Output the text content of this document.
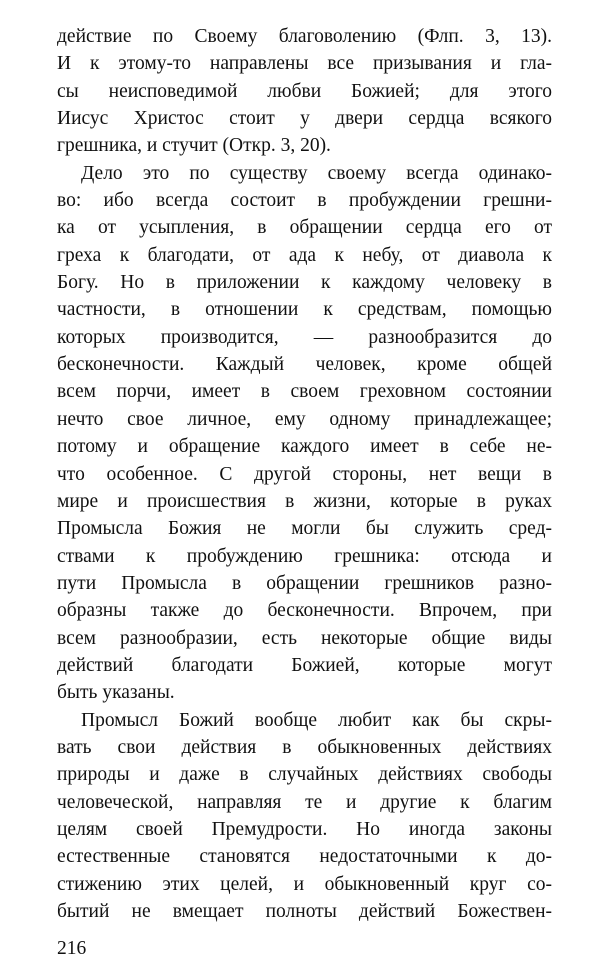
действие по Своему благоволению (Флп. 3, 13).
И к этому-то направлены все призывания и гла-
сы неисповедимой любви Божией; для этого
Иисус Христос стоит у двери сердца всякого
грешника, и стучит (Откр. 3, 20).
Дело это по существу своему всегда одинако-
во: ибо всегда состоит в пробуждении грешни-
ка от усыпления, в обращении сердца его от
греха к благодати, от ада к небу, от диавола к
Богу. Но в приложении к каждому человеку в
частности, в отношении к средствам, помощью
которых производится, — разнообразится до
бесконечности. Каждый человек, кроме общей
всем порчи, имеет в своем греховном состоянии
нечто свое личное, ему одному принадлежащее;
потому и обращение каждого имеет в себе не-
что особенное. С другой стороны, нет вещи в
мире и происшествия в жизни, которые в руках
Промысла Божия не могли бы служить сред-
ствами к пробуждению грешника: отсюда и
пути Промысла в обращении грешников разно-
образны также до бесконечности. Впрочем, при
всем разнообразии, есть некоторые общие виды
действий благодати Божией, которые могут
быть указаны.
Промысл Божий вообще любит как бы скры-
вать свои действия в обыкновенных действиях
природы и даже в случайных действиях свободы
человеческой, направляя те и другие к благим
целям своей Премудрости. Но иногда законы
естественные становятся недостаточными к до-
стижению этих целей, и обыкновенный круг со-
бытий не вмещает полноты действий Божествен-
216
